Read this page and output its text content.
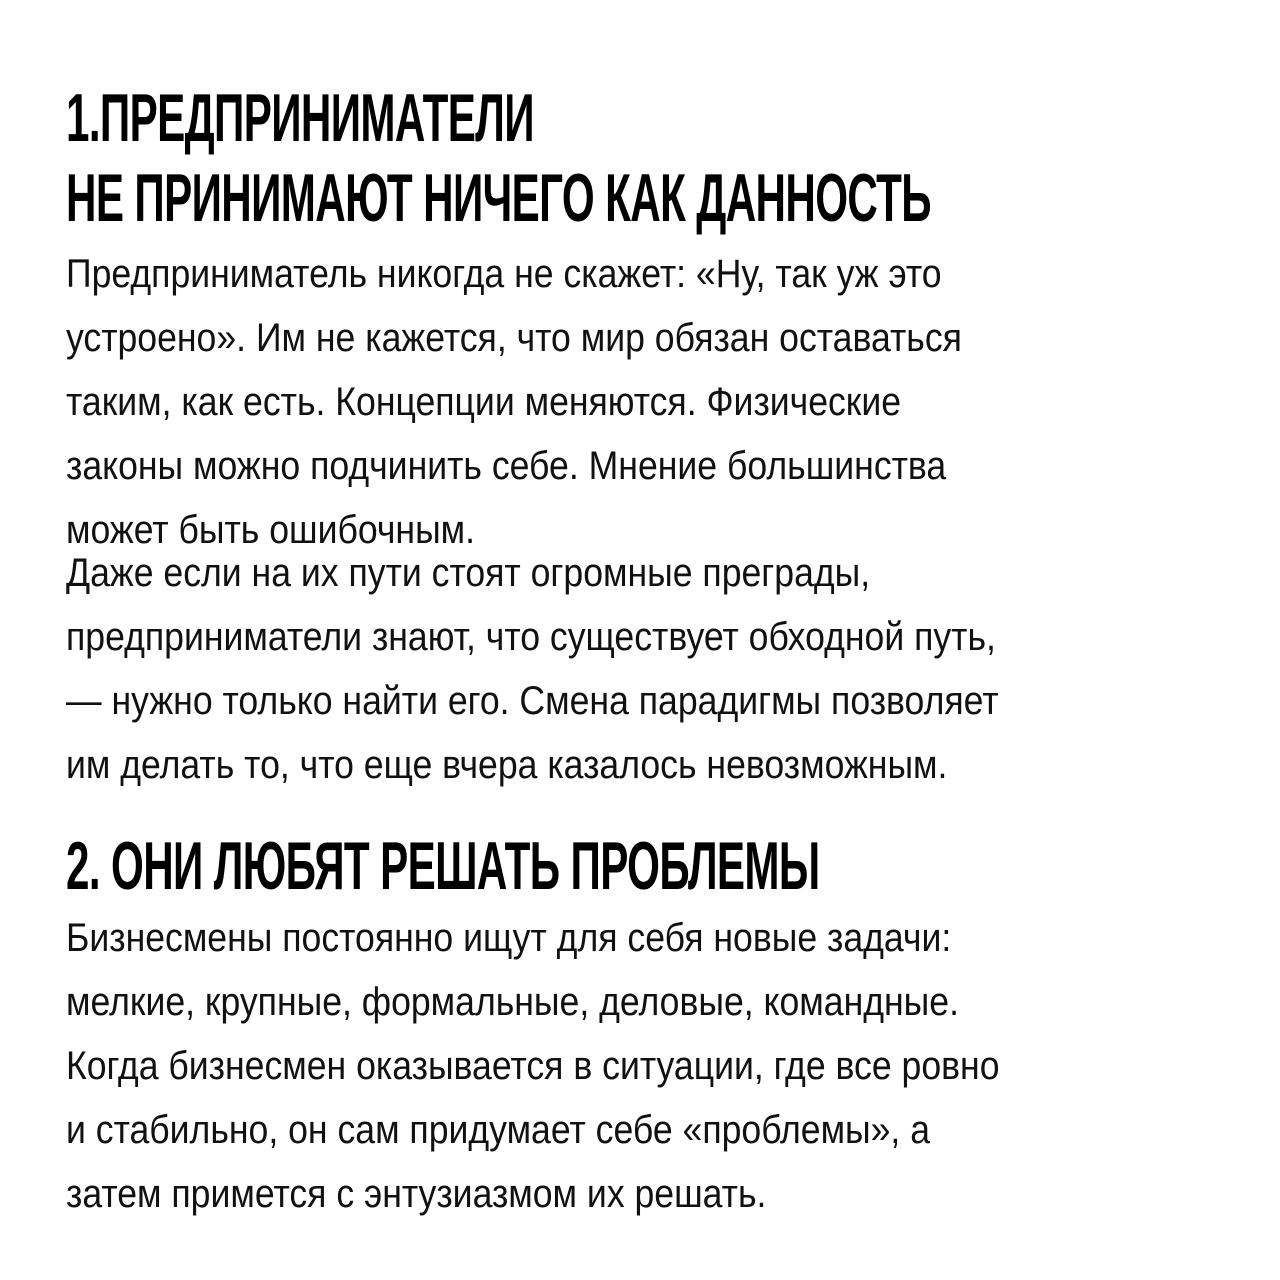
1.ПРЕДПРИНИМАТЕЛИ
НЕ ПРИНИМАЮТ НИЧЕГО КАК ДАННОСТЬ

Предприниматель никогда не скажет: «Ну, так уж это
устроено». Им не кажется, что мир обязан оставаться
таким, как есть. Концепции меняются. Физические
законы можно подчинить себе. Мнение большинства
может быть ошибочным.

Даже если на их пути стоят огромные преграды,
предприниматели знают, что существует обходной путь,
— нужно только найти его. Смена парадигмы позволяет
им делать то, что еще вчера казалось невозможным.

2. ОНИ ЛЮБЯТ РЕШАТЬ ПРОБЛЕМЫ

Бизнесмены постоянно ищут для себя новые задачи:
мелкие, крупные, формальные, деловые, командные.
Когда бизнесмен оказывается в ситуации, где все ровно
и стабильно, он сам придумает себе «проблемы», а
затем примется с энтузиазмом их решать.
